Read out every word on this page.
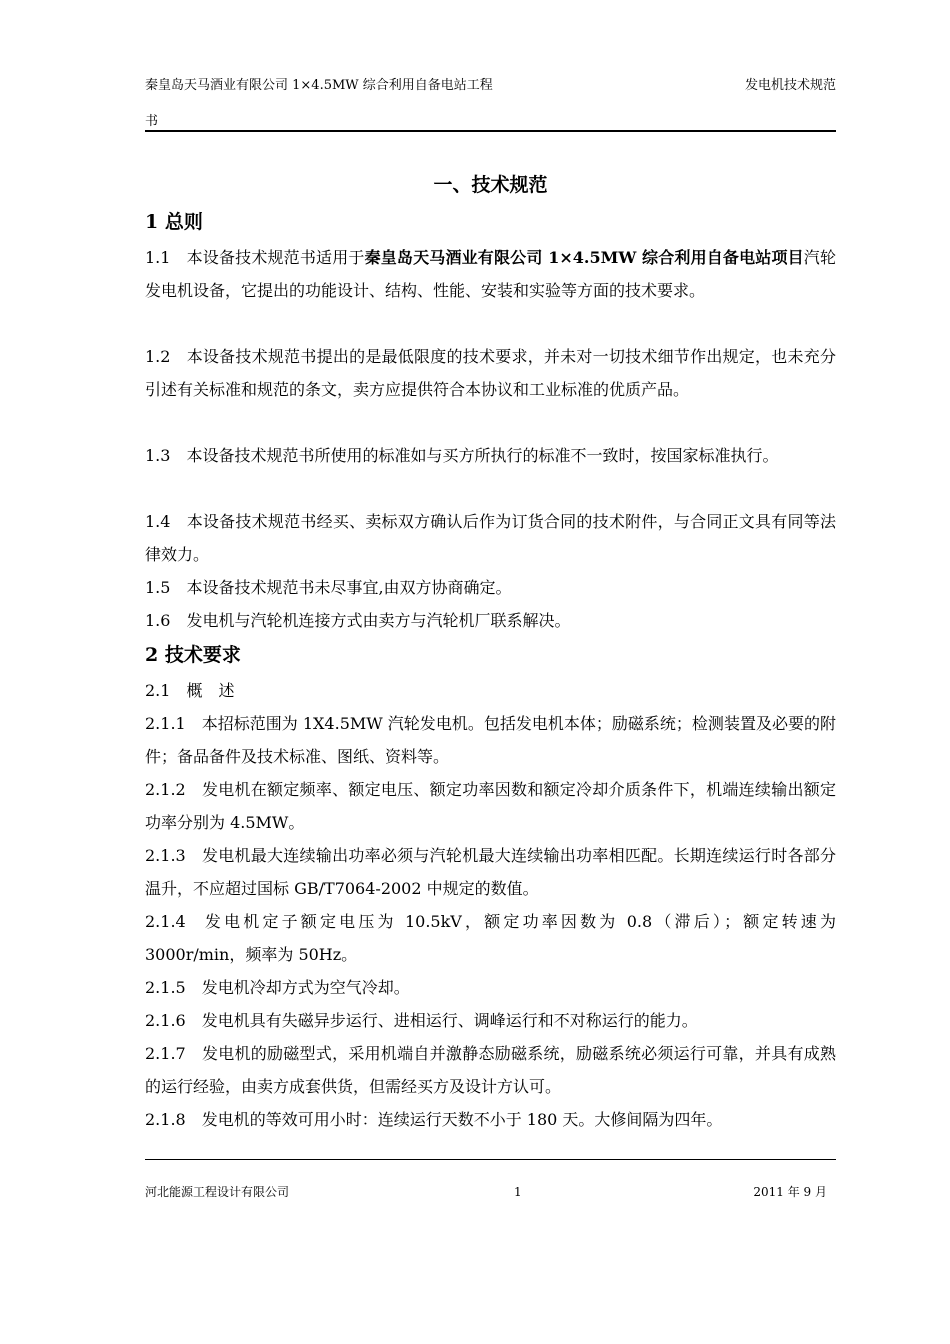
秦皇岛天马酒业有限公司 1×4.5MW 综合利用自备电站工程	发电机技术规范
书
一、技术规范
1 总则
1.1  本设备技术规范书适用于秦皇岛天马酒业有限公司 1×4.5MW 综合利用自备电站项目汽轮发电机设备，它提出的功能设计、结构、性能、安装和实验等方面的技术要求。
1.2  本设备技术规范书提出的是最低限度的技术要求，并未对一切技术细节作出规定，也未充分引述有关标准和规范的条文，卖方应提供符合本协议和工业标准的优质产品。
1.3  本设备技术规范书所使用的标准如与买方所执行的标准不一致时，按国家标准执行。
1.4  本设备技术规范书经买、卖标双方确认后作为订货合同的技术附件，与合同正文具有同等法律效力。
1.5  本设备技术规范书未尽事宜,由双方协商确定。
1.6  发电机与汽轮机连接方式由卖方与汽轮机厂联系解决。
2 技术要求
2.1  概　述
2.1.1  本招标范围为 1X4.5MW 汽轮发电机。包括发电机本体；励磁系统；检测装置及必要的附件；备品备件及技术标准、图纸、资料等。
2.1.2  发电机在额定频率、额定电压、额定功率因数和额定冷却介质条件下，机端连续输出额定功率分别为 4.5MW。
2.1.3  发电机最大连续输出功率必须与汽轮机最大连续输出功率相匹配。长期连续运行时各部分温升，不应超过国标 GB/T7064-2002 中规定的数值。
2.1.4  发电机定子额定电压为 10.5kV，额定功率因数为 0.8（滞后）；额定转速为 3000r/min，频率为 50Hz。
2.1.5  发电机冷却方式为空气冷却。
2.1.6  发电机具有失磁异步运行、进相运行、调峰运行和不对称运行的能力。
2.1.7  发电机的励磁型式，采用机端自并激静态励磁系统，励磁系统必须运行可靠，并具有成熟的运行经验，由卖方成套供货，但需经买方及设计方认可。
2.1.8  发电机的等效可用小时：连续运行天数不小于 180 天。大修间隔为四年。
河北能源工程设计有限公司	1	2011 年 9 月
